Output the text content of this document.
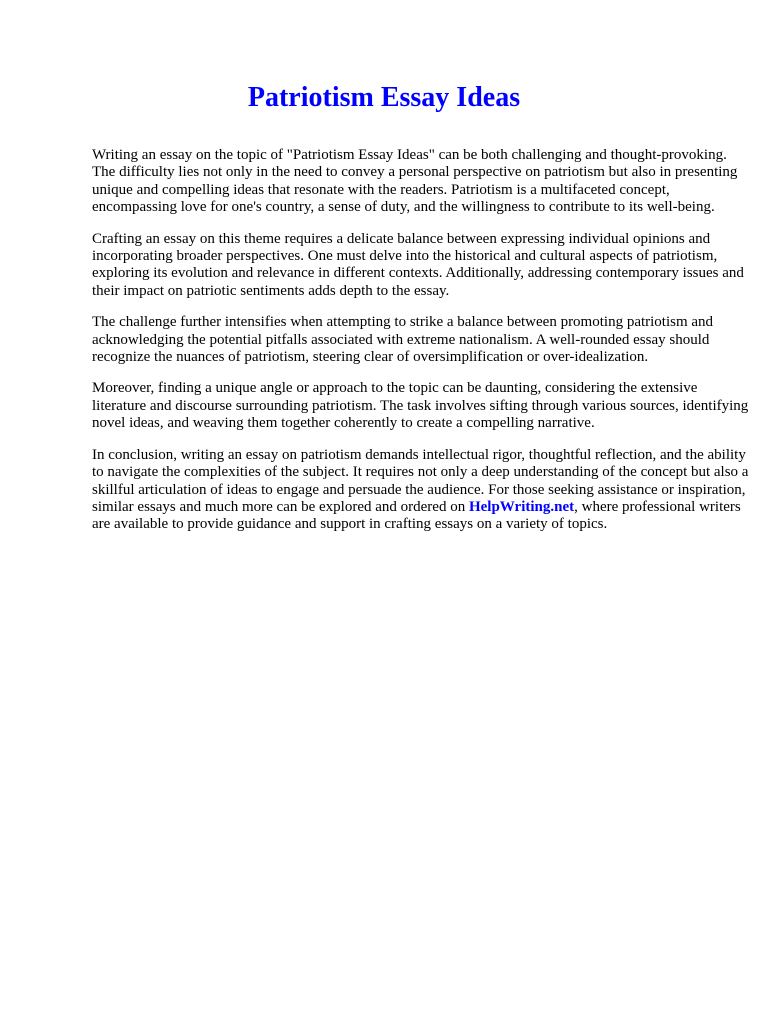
Patriotism Essay Ideas

Writing an essay on the topic of "Patriotism Essay Ideas" can be both challenging and thought-provoking. The difficulty lies not only in the need to convey a personal perspective on patriotism but also in presenting unique and compelling ideas that resonate with the readers. Patriotism is a multifaceted concept, encompassing love for one's country, a sense of duty, and the willingness to contribute to its well-being.

Crafting an essay on this theme requires a delicate balance between expressing individual opinions and incorporating broader perspectives. One must delve into the historical and cultural aspects of patriotism, exploring its evolution and relevance in different contexts. Additionally, addressing contemporary issues and their impact on patriotic sentiments adds depth to the essay.

The challenge further intensifies when attempting to strike a balance between promoting patriotism and acknowledging the potential pitfalls associated with extreme nationalism. A well-rounded essay should recognize the nuances of patriotism, steering clear of oversimplification or over-idealization.

Moreover, finding a unique angle or approach to the topic can be daunting, considering the extensive literature and discourse surrounding patriotism. The task involves sifting through various sources, identifying novel ideas, and weaving them together coherently to create a compelling narrative.

In conclusion, writing an essay on patriotism demands intellectual rigor, thoughtful reflection, and the ability to navigate the complexities of the subject. It requires not only a deep understanding of the concept but also a skillful articulation of ideas to engage and persuade the audience. For those seeking assistance or inspiration, similar essays and much more can be explored and ordered on HelpWriting.net, where professional writers are available to provide guidance and support in crafting essays on a variety of topics.
